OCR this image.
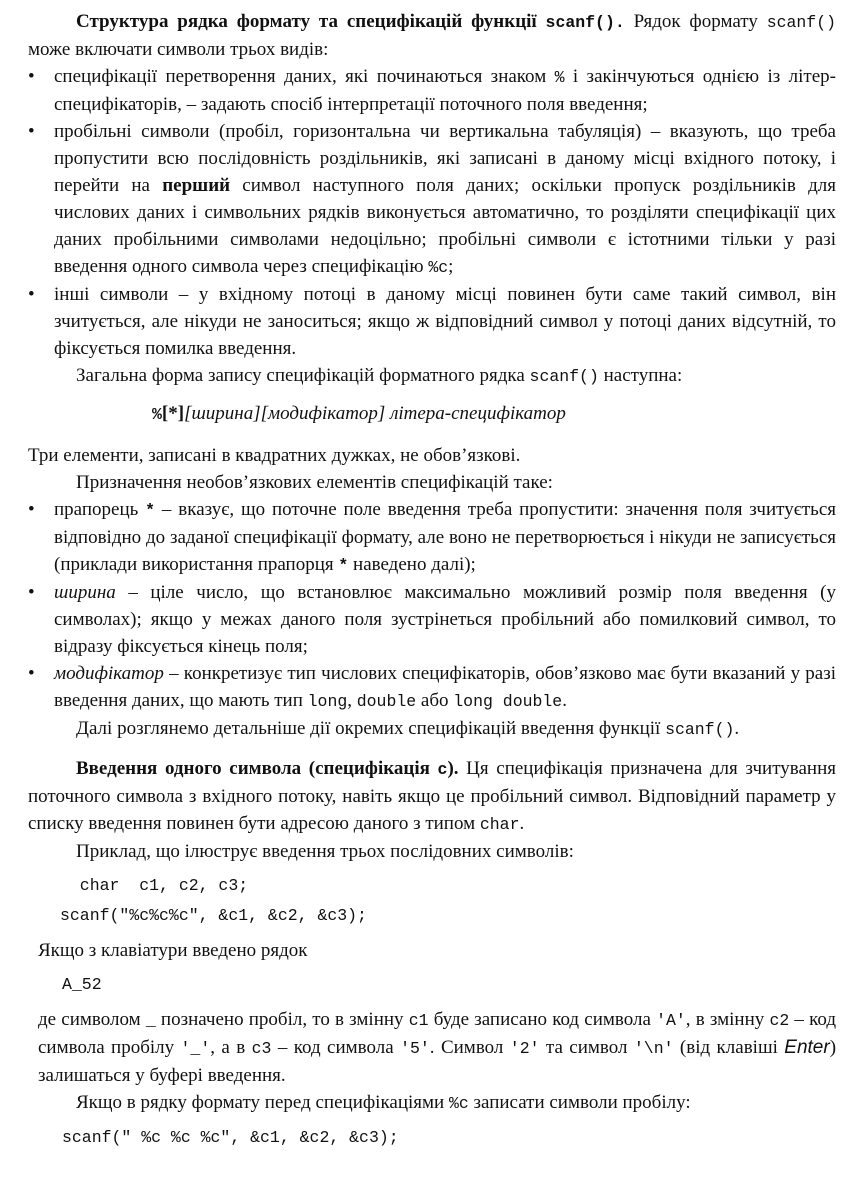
Структура рядка формату та специфікацій функції scanf(). Рядок формату scanf() може включати символи трьох видів:

• специфікації перетворення даних, які починаються знаком % і закінчуються однією із літер-специфікаторів, – задають спосіб інтерпретації поточного поля введення;
• пробільні символи (пробіл, горизонтальна чи вертикальна табуляція) – вказують, що треба пропустити всю послідовність роздільників, які записані в даному місці вхідного потоку, і перейти на перший символ наступного поля даних; оскільки пропуск роздільників для числових даних і символьних рядків виконується автоматично, то розділяти специфікації цих даних пробільними символами недоцільно; пробільні символи є істотними тільки у разі введення одного символа через специфікацію %c;
• інші символи – у вхідному потоці в даному місці повинен бути саме такий символ, він зчитується, але нікуди не заноситься; якщо ж відповідний символ у потоці даних відсутній, то фіксується помилка введення.

Загальна форма запису специфікацій форматного рядка scanf() наступна:

%[*][ширина][модифікатор] літера-специфікатор

Три елементи, записані в квадратних дужках, не обов’язкові.

Призначення необов’язкових елементів специфікацій таке:

• прапорець * – вказує, що поточне поле введення треба пропустити: значення поля зчитується відповідно до заданої специфікації формату, але воно не перетворюється і нікуди не записується (приклади використання прапорця * наведено далі);
• ширина – ціле число, що встановлює максимально можливий розмір поля введення (у символах); якщо у межах даного поля зустрінеться пробільний або помилковий символ, то відразу фіксується кінець поля;
• модифікатор – конкретизує тип числових специфікаторів, обов’язково має бути вказаний у разі введення даних, що мають тип long, double або long double.

Далі розглянемо детальніше дії окремих специфікацій введення функції scanf().

Введення одного символа (специфікація c). Ця специфікація призначена для зчитування поточного символа з вхідного потоку, навіть якщо це пробільний символ. Відповідний параметр у списку введення повинен бути адресою даного з типом char.

Приклад, що ілюструє введення трьох послідовних символів:

char  c1, c2, c3;
scanf("%c%c%c", &c1, &c2, &c3);

Якщо з клавіатури введено рядок

A_52

де символом _ позначено пробіл, то в змінну c1 буде записано код символа 'A', в змінну c2 – код символа пробілу '_', а в c3 – код символа '5'. Символ '2' та символ '\n' (від клавіші Enter) залишаться у буфері введення.

Якщо в рядку формату перед специфікаціями %c записати символи пробілу:

scanf(" %c %c %c", &c1, &c2, &c3);
